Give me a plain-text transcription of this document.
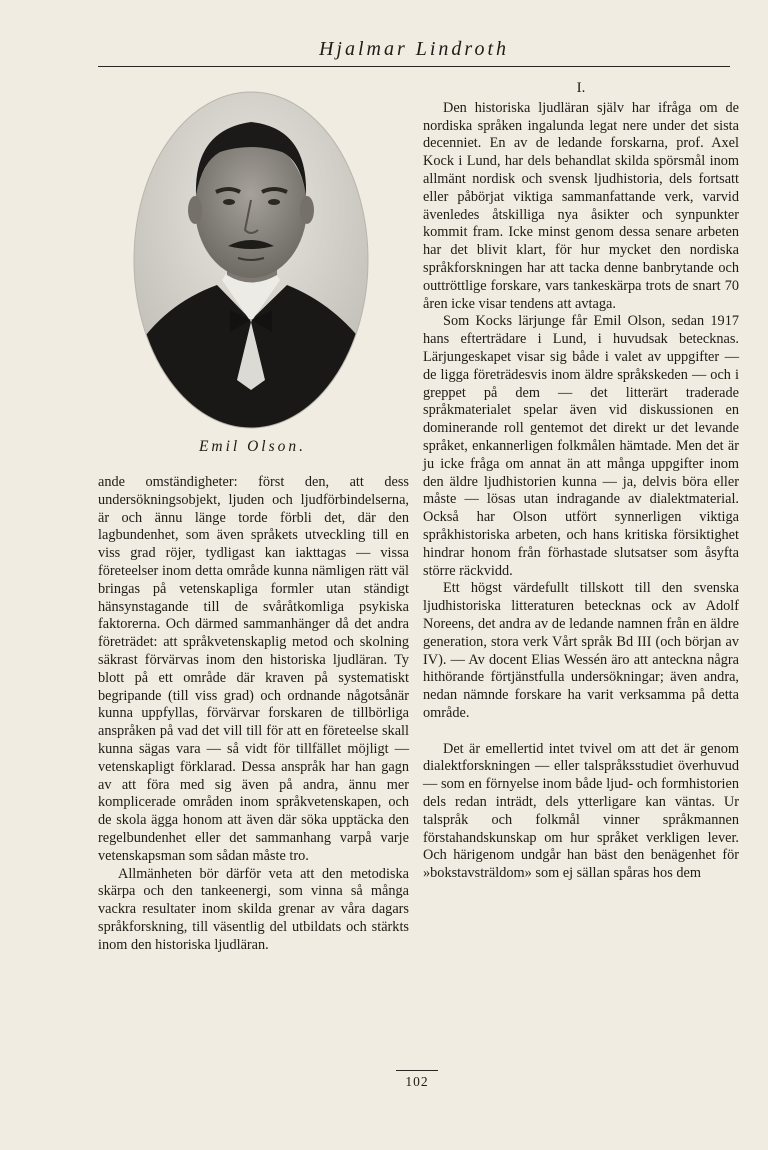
Hjalmar Lindroth
Emil Olson.

ande omständigheter: först den, att dess undersökningsobjekt, ljuden och ljudförbindelserna, är och ännu länge torde förbli det, där den lagbundenhet, som även språkets utveckling till en viss grad röjer, tydligast kan iakttagas — vissa företeelser inom detta område kunna nämligen rätt väl bringas på vetenskapliga formler utan ständigt hänsynstagande till de svåråtkomliga psykiska faktorerna. Och därmed sammanhänger då det andra företrädet: att språkvetenskaplig metod och skolning säkrast förvärvas inom den historiska ljudläran. Ty blott på ett område där kraven på systematiskt begripande (till viss grad) och ordnande någotsånär kunna uppfyllas, förvärvar forskaren de tillbörliga anspråken på vad det vill till för att en företeelse skall kunna sägas vara — så vidt för tillfället möjligt — vetenskapligt förklarad. Dessa anspråk har han gagn av att föra med sig även på andra, ännu mer komplicerade områden inom språkvetenskapen, och de skola ägga honom att även där söka upptäcka den regelbundenhet eller det sammanhang varpå varje vetenskapsman som sådan måste tro.

Allmänheten bör därför veta att den metodiska skärpa och den tankeenergi, som vinna så många vackra resultater inom skilda grenar av våra dagars språkforskning, till väsentlig del utbildats och stärkts inom den historiska ljudläran.

I.

Den historiska ljudläran själv har ifråga om de nordiska språken ingalunda legat nere under det sista decenniet. En av de ledande forskarna, prof. Axel Kock i Lund, har dels behandlat skilda spörsmål inom allmänt nordisk och svensk ljudhistoria, dels fortsatt eller påbörjat viktiga sammanfattande verk, varvid ävenledes åtskilliga nya åsikter och synpunkter kommit fram. Icke minst genom dessa senare arbeten har det blivit klart, för hur mycket den nordiska språkforskningen har att tacka denne banbrytande och outtröttlige forskare, vars tankeskärpa trots de snart 70 åren icke visar tendens att avtaga.

Som Kocks lärjunge får Emil Olson, sedan 1917 hans efterträdare i Lund, i huvudsak betecknas. Lärjungeskapet visar sig både i valet av uppgifter — de ligga företrädesvis inom äldre språkskeden — och i greppet på dem — det litterärt traderade språkmaterialet spelar även vid diskussionen en dominerande roll gentemot det direkt ur det levande språket, enkannerligen folkmålen hämtade. Men det är ju icke fråga om annat än att många uppgifter inom den äldre ljudhistorien kunna — ja, delvis böra eller måste — lösas utan indragande av dialektmaterial. Också har Olson utfört synnerligen viktiga språkhistoriska arbeten, och hans kritiska försiktighet hindrar honom från förhastade slutsatser som åsyfta större räckvidd.

Ett högst värdefullt tillskott till den svenska ljudhistoriska litteraturen betecknas ock av Adolf Noreens, det andra av de ledande namnen från en äldre generation, stora verk Vårt språk Bd III (och början av IV). — Av docent Elias Wessén äro att anteckna några hithörande förtjänstfulla undersökningar; även andra, nedan nämnde forskare ha varit verksamma på detta område.

Det är emellertid intet tvivel om att det är genom dialektforskningen — eller talspråksstudiet överhuvud — som en förnyelse inom både ljud- och formhistorien dels redan inträdt, dels ytterligare kan väntas. Ur talspråk och folkmål vinner språkmannen förstahandskunskap om hur språket verkligen lever. Och härigenom undgår han bäst den benägenhet för »bokstavsträldom» som ej sällan spåras hos dem

102
